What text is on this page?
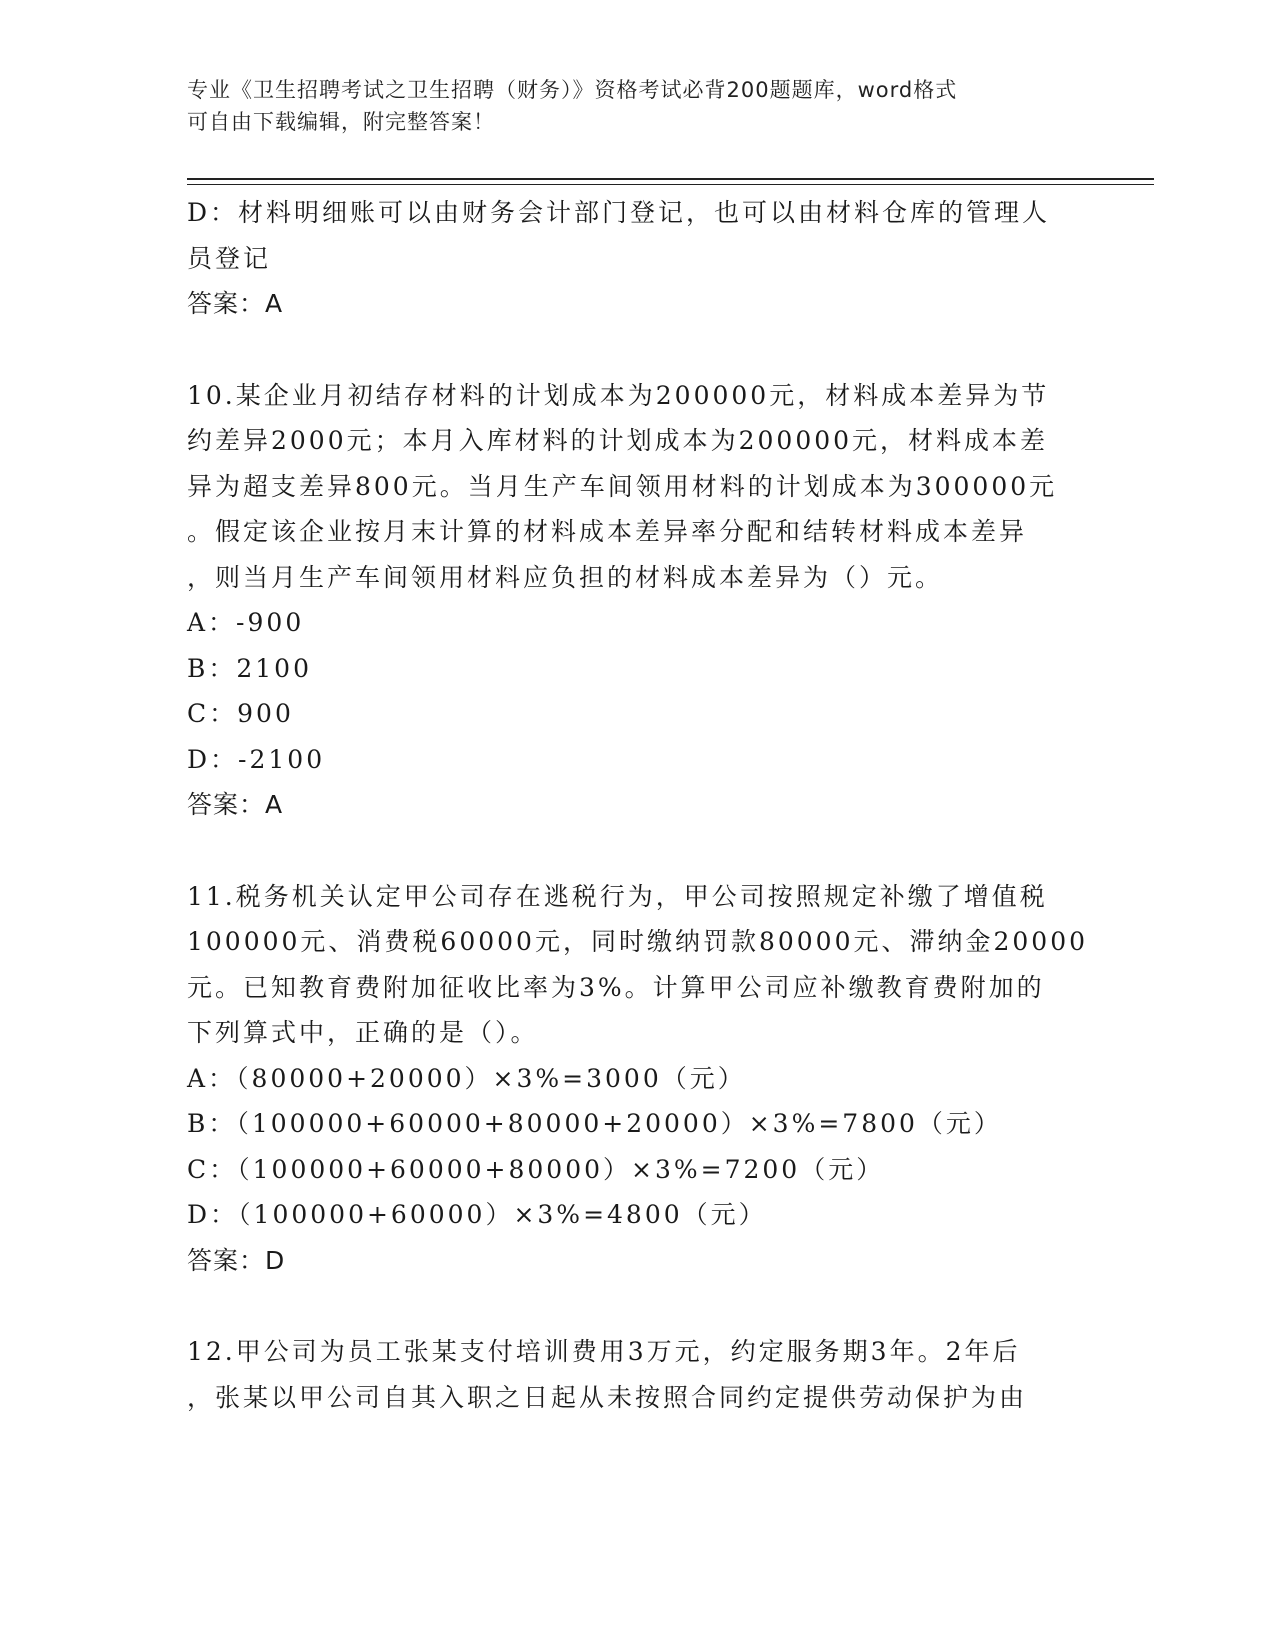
专业《卫生招聘考试之卫生招聘（财务）》资格考试必背200题题库，word格式
可自由下载编辑，附完整答案！
D：材料明细账可以由财务会计部门登记，也可以由材料仓库的管理人
员登记
答案：A
10.某企业月初结存材料的计划成本为200000元，材料成本差异为节
约差异2000元；本月入库材料的计划成本为200000元，材料成本差
异为超支差异800元。当月生产车间领用材料的计划成本为300000元
。假定该企业按月末计算的材料成本差异率分配和结转材料成本差异
，则当月生产车间领用材料应负担的材料成本差异为（）元。
A：-900
B：2100
C：900
D：-2100
答案：A
11.税务机关认定甲公司存在逃税行为，甲公司按照规定补缴了增值税
100000元、消费税60000元，同时缴纳罚款80000元、滞纳金20000
元。已知教育费附加征收比率为3%。计算甲公司应补缴教育费附加的
下列算式中，正确的是（）。
A：（80000+20000）×3%=3000（元）
B：（100000+60000+80000+20000）×3%=7800（元）
C：（100000+60000+80000）×3%=7200（元）
D：（100000+60000）×3%=4800（元）
答案：D
12.甲公司为员工张某支付培训费用3万元，约定服务期3年。2年后
，张某以甲公司自其入职之日起从未按照合同约定提供劳动保护为由
